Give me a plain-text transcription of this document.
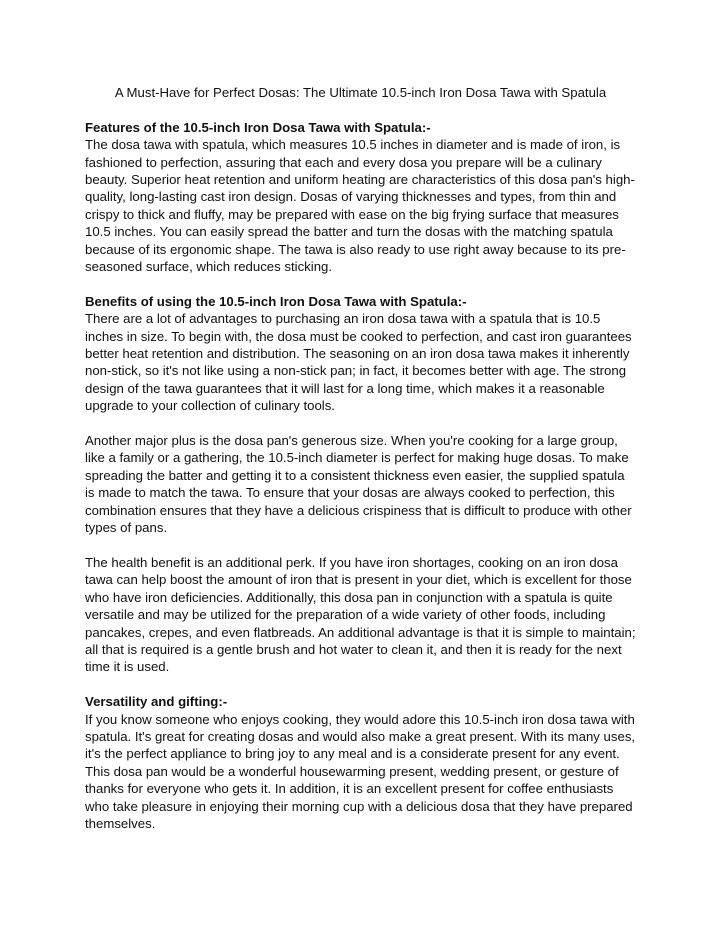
A Must-Have for Perfect Dosas: The Ultimate 10.5-inch Iron Dosa Tawa with Spatula

Features of the 10.5-inch Iron Dosa Tawa with Spatula:-

The dosa tawa with spatula, which measures 10.5 inches in diameter and is made of iron, is fashioned to perfection, assuring that each and every dosa you prepare will be a culinary beauty. Superior heat retention and uniform heating are characteristics of this dosa pan's high-quality, long-lasting cast iron design. Dosas of varying thicknesses and types, from thin and crispy to thick and fluffy, may be prepared with ease on the big frying surface that measures 10.5 inches. You can easily spread the batter and turn the dosas with the matching spatula because of its ergonomic shape. The tawa is also ready to use right away because to its pre-seasoned surface, which reduces sticking.

Benefits of using the 10.5-inch Iron Dosa Tawa with Spatula:-

There are a lot of advantages to purchasing an iron dosa tawa with a spatula that is 10.5 inches in size. To begin with, the dosa must be cooked to perfection, and cast iron guarantees better heat retention and distribution. The seasoning on an iron dosa tawa makes it inherently non-stick, so it's not like using a non-stick pan; in fact, it becomes better with age. The strong design of the tawa guarantees that it will last for a long time, which makes it a reasonable upgrade to your collection of culinary tools.

Another major plus is the dosa pan's generous size. When you're cooking for a large group, like a family or a gathering, the 10.5-inch diameter is perfect for making huge dosas. To make spreading the batter and getting it to a consistent thickness even easier, the supplied spatula is made to match the tawa. To ensure that your dosas are always cooked to perfection, this combination ensures that they have a delicious crispiness that is difficult to produce with other types of pans.

The health benefit is an additional perk. If you have iron shortages, cooking on an iron dosa tawa can help boost the amount of iron that is present in your diet, which is excellent for those who have iron deficiencies. Additionally, this dosa pan in conjunction with a spatula is quite versatile and may be utilized for the preparation of a wide variety of other foods, including pancakes, crepes, and even flatbreads. An additional advantage is that it is simple to maintain; all that is required is a gentle brush and hot water to clean it, and then it is ready for the next time it is used.

Versatility and gifting:-

If you know someone who enjoys cooking, they would adore this 10.5-inch iron dosa tawa with spatula. It's great for creating dosas and would also make a great present. With its many uses, it's the perfect appliance to bring joy to any meal and is a considerate present for any event. This dosa pan would be a wonderful housewarming present, wedding present, or gesture of thanks for everyone who gets it. In addition, it is an excellent present for coffee enthusiasts who take pleasure in enjoying their morning cup with a delicious dosa that they have prepared themselves.
